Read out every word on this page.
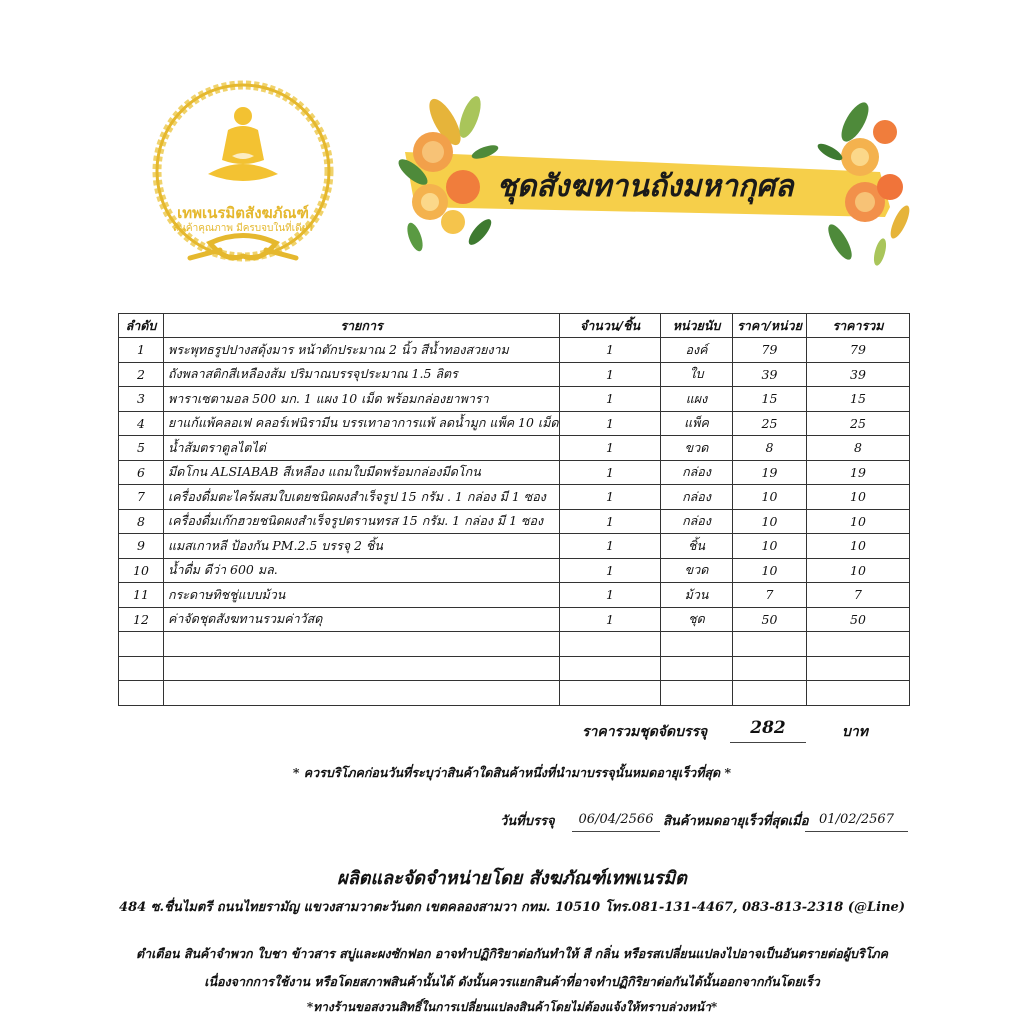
เทพเนรมิตสังฆภัณฑ์
สินค้าคุณภาพ มีครบจบในที่เดียว
ชุดสังฆทานถังมหากุศล
ลำดับ	รายการ	จำนวน/ชิ้น	หน่วยนับ	ราคา/หน่วย	ราคารวม
1	พระพุทธรูปปางสดุ้งมาร หน้าตักประมาณ 2 นิ้ว สีน้ำทองสวยงาม	1	องค์	79	79
2	ถังพลาสติกสีเหลืองส้ม ปริมาณบรรจุประมาณ 1.5 ลิตร	1	ใบ	39	39
3	พาราเซตามอล 500 มก. 1 แผง 10 เม็ด พร้อมกล่องยาพารา	1	แผง	15	15
4	ยาแก้แพ้คลอเฟ คลอร์เฟนิรามีน บรรเทาอาการแพ้ ลดน้ำมูก แพ็ค 10 เม็ด	1	แพ็ค	25	25
5	น้ำส้มตราตูลไตไต่	1	ขวด	8	8
6	มีดโกน ALSIABAB สีเหลือง แถมใบมีดพร้อมกล่องมีดโกน	1	กล่อง	19	19
7	เครื่องดื่มตะไคร้ผสมใบเตยชนิดผงสำเร็จรูป 15 กรัม . 1 กล่อง มี 1 ซอง	1	กล่อง	10	10
8	เครื่องดื่มเก๊กฮวยชนิดผงสำเร็จรูปตรานทรส 15 กรัม. 1 กล่อง มี 1 ซอง	1	กล่อง	10	10
9	แมสเกาหลี ป้องกัน PM.2.5 บรรจุ 2 ชิ้น	1	ชิ้น	10	10
10	น้ำดื่ม ดีว่า 600 มล.	1	ขวด	10	10
11	กระดาษทิชชู่แบบม้วน	1	ม้วน	7	7
12	ค่าจัดชุดสังฆทานรวมค่าวัสดุ	1	ชุด	50	50

ราคารวมชุดจัดบรรจุ	282	บาท
* ควรบริโภคก่อนวันที่ระบุว่าสินค้าใดสินค้าหนึ่งที่นำมาบรรจุนั้นหมดอายุเร็วที่สุด *
วันที่บรรจุ	06/04/2566 สินค้าหมดอายุเร็วที่สุดเมื่อ 01/02/2567
ผลิตและจัดจำหน่ายโดย สังฆภัณฑ์เทพเนรมิต
484 ซ.ชื่นไมตรี ถนนไทยรามัญ แขวงสามวาตะวันตก เขตคลองสามวา กทม. 10510 โทร.081-131-4467, 083-813-2318 (@Line)
ตำเตือน สินค้าจำพวก ใบชา ข้าวสาร สบู่และผงซักฟอก อาจทำปฏิกิริยาต่อกันทำให้ สี กลิ่น หรือรสเปลี่ยนแปลงไปอาจเป็นอันตรายต่อผู้บริโภค
เนื่องจากการใช้งาน หรือโดยสภาพสินค้านั้นได้ ดังนั้นควรแยกสินค้าที่อาจทำปฏิกิริยาต่อกันได้นั้นออกจากกันโดยเร็ว
*ทางร้านขอสงวนสิทธิ์ในการเปลี่ยนแปลงสินค้าโดยไม่ต้องแจ้งให้ทราบล่วงหน้า*
